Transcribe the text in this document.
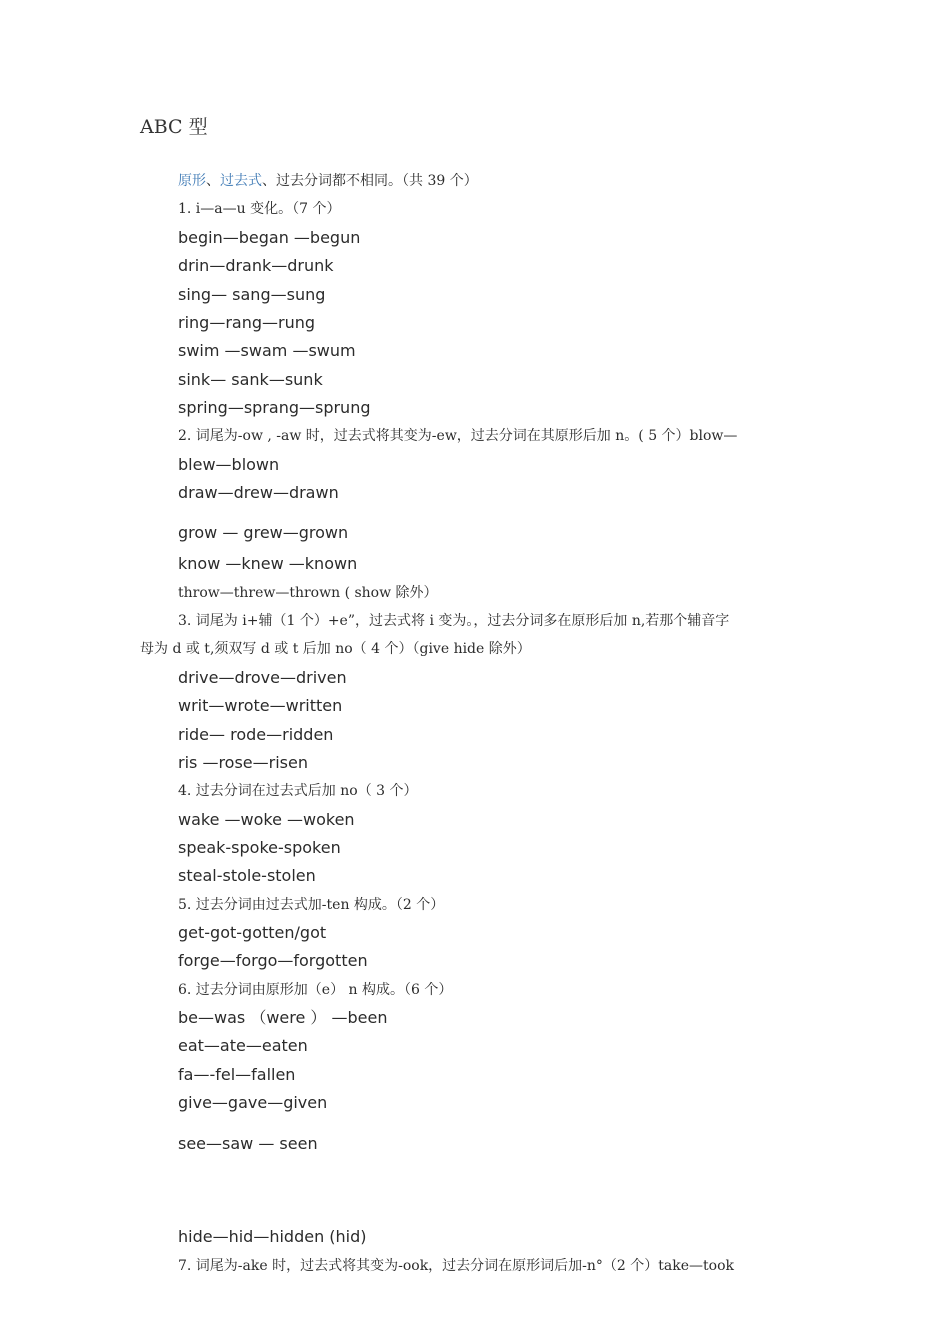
ABC 型
原形、过去式、过去分词都不相同。（共 39 个）
1. i—a—u 变化。（7 个）
begin—began —begun
drin—drank—drunk
sing— sang—sung
ring—rang—rung
swim —swam —swum
sink— sank—sunk
spring—sprang—sprung
2. 词尾为-ow , -aw 时，过去式将其变为-ew，过去分词在其原形后加 n。( 5 个）blow—
blew—blown
draw—drew—drawn
grow — grew—grown
know —knew —known
throw—threw—thrown ( show 除外）
3. 词尾为 i+辅（1 个）+e”，过去式将 i 变为。，过去分词多在原形后加 n,若那个辅音字
母为 d 或 t,须双写 d 或 t 后加 no（ 4 个）（give hide 除外）
drive—drove—driven
writ—wrote—written
ride— rode—ridden
ris —rose—risen
4. 过去分词在过去式后加 no（ 3 个）
wake —woke —woken
speak-spoke-spoken
steal-stole-stolen
5. 过去分词由过去式加-ten 构成。（2 个）
get-got-gotten/got
forge—forgo—forgotten
6. 过去分词由原形加（e） n 构成。（6 个）
be—was （were ） —been
eat—ate—eaten
fa—-fel—fallen
give—gave—given
see—saw — seen
hide—hid—hidden (hid)
7. 词尾为-ake 时，过去式将其变为-ook，过去分词在原形词后加-n°（2 个）take—took
